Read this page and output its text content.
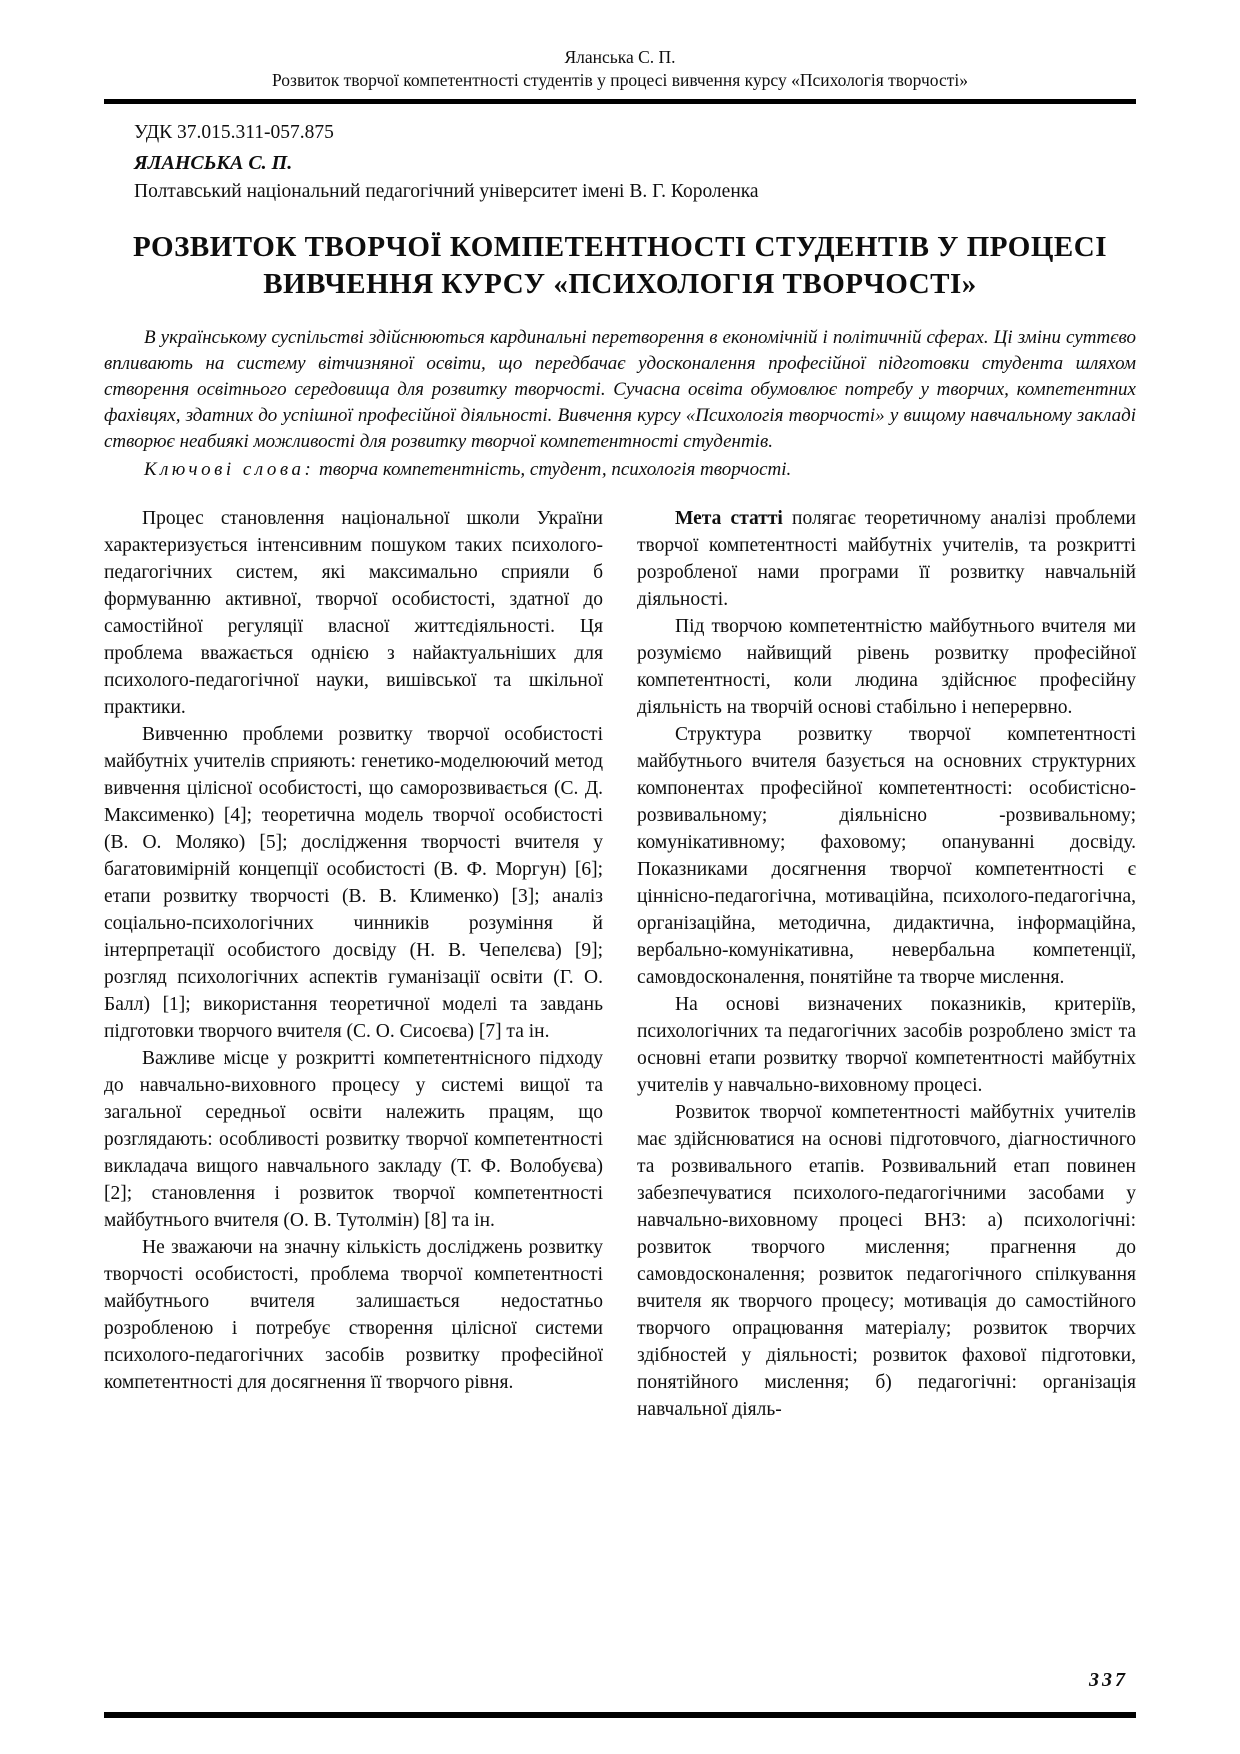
Яланська С. П.
Розвиток творчої компетентності студентів у процесі вивчення курсу «Психологія творчості»
УДК 37.015.311-057.875
ЯЛАНСЬКА С. П.
Полтавський національний педагогічний університет імені В. Г. Короленка
РОЗВИТОК ТВОРЧОЇ КОМПЕТЕНТНОСТІ СТУДЕНТІВ У ПРОЦЕСІ ВИВЧЕННЯ КУРСУ «ПСИХОЛОГІЯ ТВОРЧОСТІ»

В українському суспільстві здійснюються кардинальні перетворення в економічній і політичній сферах. Ці зміни суттєво впливають на систему вітчизняної освіти, що передбачає удосконалення професійної підготовки студента шляхом створення освітнього середовища для розвитку творчості. Сучасна освіта обумовлює потребу у творчих, компетентних фахівцях, здатних до успішної професійної діяльності. Вивчення курсу «Психологія творчості» у вищому навчальному закладі створює неабиякі можливості для розвитку творчої компетентності студентів.

Ключові слова: творча компетентність, студент, психологія творчості.

Процес становлення національної школи України характеризується інтенсивним пошуком таких психолого-педагогічних систем, які максимально сприяли б формуванню активної, творчої особистості, здатної до самостійної регуляції власної життєдіяльності. Ця проблема вважається однією з найактуальніших для психолого-педагогічної науки, вишівської та шкільної практики.

Вивченню проблеми розвитку творчої особистості майбутніх учителів сприяють: генетико-моделюючий метод вивчення цілісної особистості, що саморозвивається (С. Д. Максименко) [4]; теоретична модель творчої особистості (В. О. Моляко) [5]; дослідження творчості вчителя у багатовимірній концепції особистості (В. Ф. Моргун) [6]; етапи розвитку творчості (В. В. Клименко) [3]; аналіз соціально-психологічних чинників розуміння й інтерпретації особистого досвіду (Н. В. Чепелєва) [9]; розгляд психологічних аспектів гуманізації освіти (Г. О. Балл) [1]; використання теоретичної моделі та завдань підготовки творчого вчителя (С. О. Сисоєва) [7] та ін.

Важливе місце у розкритті компетентнісного підходу до навчально-виховного процесу у системі вищої та загальної середньої освіти належить працям, що розглядають: особливості розвитку творчої компетентності викладача вищого навчального закладу (Т. Ф. Волобуєва) [2]; становлення і розвиток творчої компетентності майбутнього вчителя (О. В. Тутолмін) [8] та ін.

Не зважаючи на значну кількість досліджень розвитку творчості особистості, проблема творчої компетентності майбутнього вчителя залишається недостатньо розробленою і потребує створення цілісної системи психолого-педагогічних засобів розвитку професійної компетентності для досягнення її творчого рівня.

Мета статті полягає теоретичному аналізі проблеми творчої компетентності майбутніх учителів, та розкритті розробленої нами програми її розвитку навчальній діяльності.

Під творчою компетентністю майбутнього вчителя ми розуміємо найвищий рівень розвитку професійної компетентності, коли людина здійснює професійну діяльність на творчій основі стабільно і неперервно.

Структура розвитку творчої компетентності майбутнього вчителя базується на основних структурних компонентах професійної компетентності: особистісно-розвивальному; діяльнісно -розвивальному; комунікативному; фаховому; опануванні досвіду. Показниками досягнення творчої компетентності є ціннісно-педагогічна, мотиваційна, психолого-педагогічна, організаційна, методична, дидактична, інформаційна, вербально-комунікативна, невербальна компетенції, самовдосконалення, понятійне та творче мислення.

На основі визначених показників, критеріїв, психологічних та педагогічних засобів розроблено зміст та основні етапи розвитку творчої компетентності майбутніх учителів у навчально-виховному процесі.

Розвиток творчої компетентності майбутніх учителів має здійснюватися на основі підготовчого, діагностичного та розвивального етапів. Розвивальний етап повинен забезпечуватися психолого-педагогічними засобами у навчально-виховному процесі ВНЗ: а) психологічні: розвиток творчого мислення; прагнення до самовдосконалення; розвиток педагогічного спілкування вчителя як творчого процесу; мотивація до самостійного творчого опрацювання матеріалу; розвиток творчих здібностей у діяльності; розвиток фахової підготовки, понятійного мислення; б) педагогічні: організація навчальної діяль-

337
